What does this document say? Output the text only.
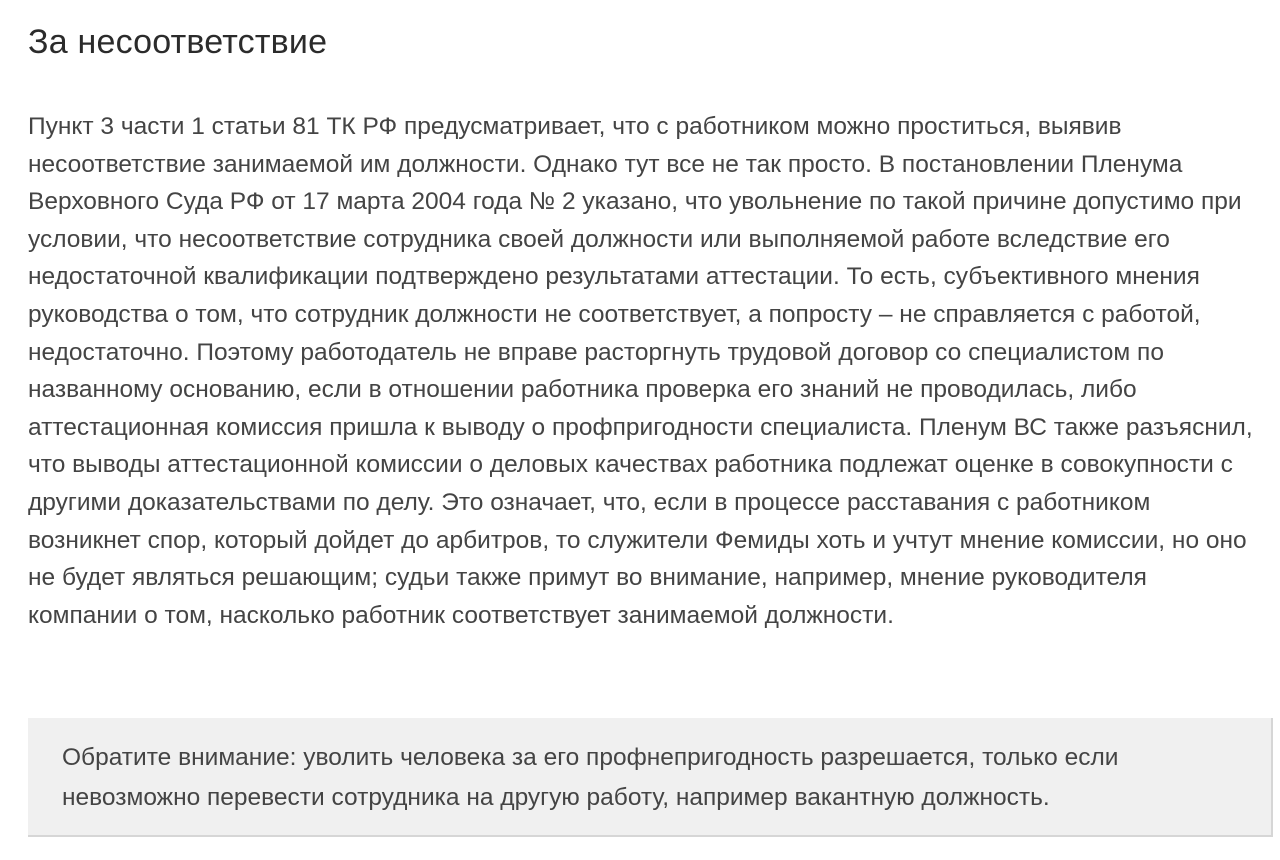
За несоответствие

Пункт 3 части 1 статьи 81 ТК РФ предусматривает, что с работником можно проститься, выявив несоответствие занимаемой им должности. Однако тут все не так просто. В постановлении Пленума Верховного Суда РФ от 17 марта 2004 года № 2 указано, что увольнение по такой причине допустимо при условии, что несоответствие сотрудника своей должности или выполняемой работе вследствие его недостаточной квалификации подтверждено результатами аттестации. То есть, субъективного мнения руководства о том, что сотрудник должности не соответствует, а попросту – не справляется с работой, недостаточно. Поэтому работодатель не вправе расторгнуть трудовой договор со специалистом по названному основанию, если в отношении работника проверка его знаний не проводилась, либо аттестационная комиссия пришла к выводу о профпригодности специалиста. Пленум ВС также разъяснил, что выводы аттестационной комиссии о деловых качествах работника подлежат оценке в совокупности с другими доказательствами по делу. Это означает, что, если в процессе расставания с работником возникнет спор, который дойдет до арбитров, то служители Фемиды хоть и учтут мнение комиссии, но оно не будет являться решающим; судьи также примут во внимание, например, мнение руководителя компании о том, насколько работник соответствует занимаемой должности.

Обратите внимание: уволить человека за его профнепригодность разрешается, только если невозможно перевести сотрудника на другую работу, например вакантную должность.
